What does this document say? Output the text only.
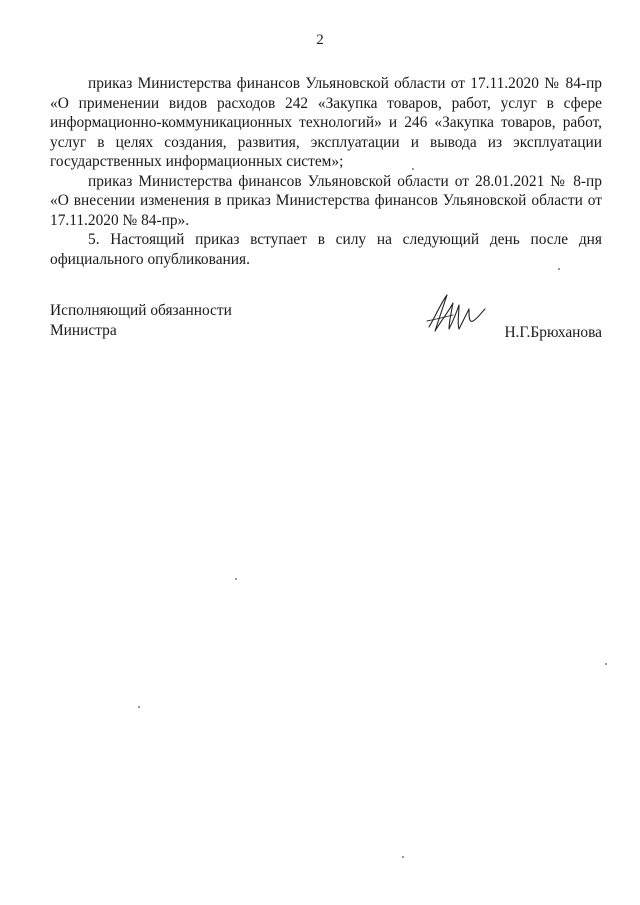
2

приказ Министерства финансов Ульяновской области от 17.11.2020 № 84-пр «О применении видов расходов 242 «Закупка товаров, работ, услуг в сфере информационно-коммуникационных технологий» и 246 «Закупка товаров, работ, услуг в целях создания, развития, эксплуатации и вывода из эксплуатации государственных информационных систем»;

приказ Министерства финансов Ульяновской области от 28.01.2021 № 8-пр «О внесении изменения в приказ Министерства финансов Ульяновской области от 17.11.2020 № 84-пр».

5. Настоящий приказ вступает в силу на следующий день после дня официального опубликования.

Исполняющий обязанности
Министра	Н.Г.Брюханова
